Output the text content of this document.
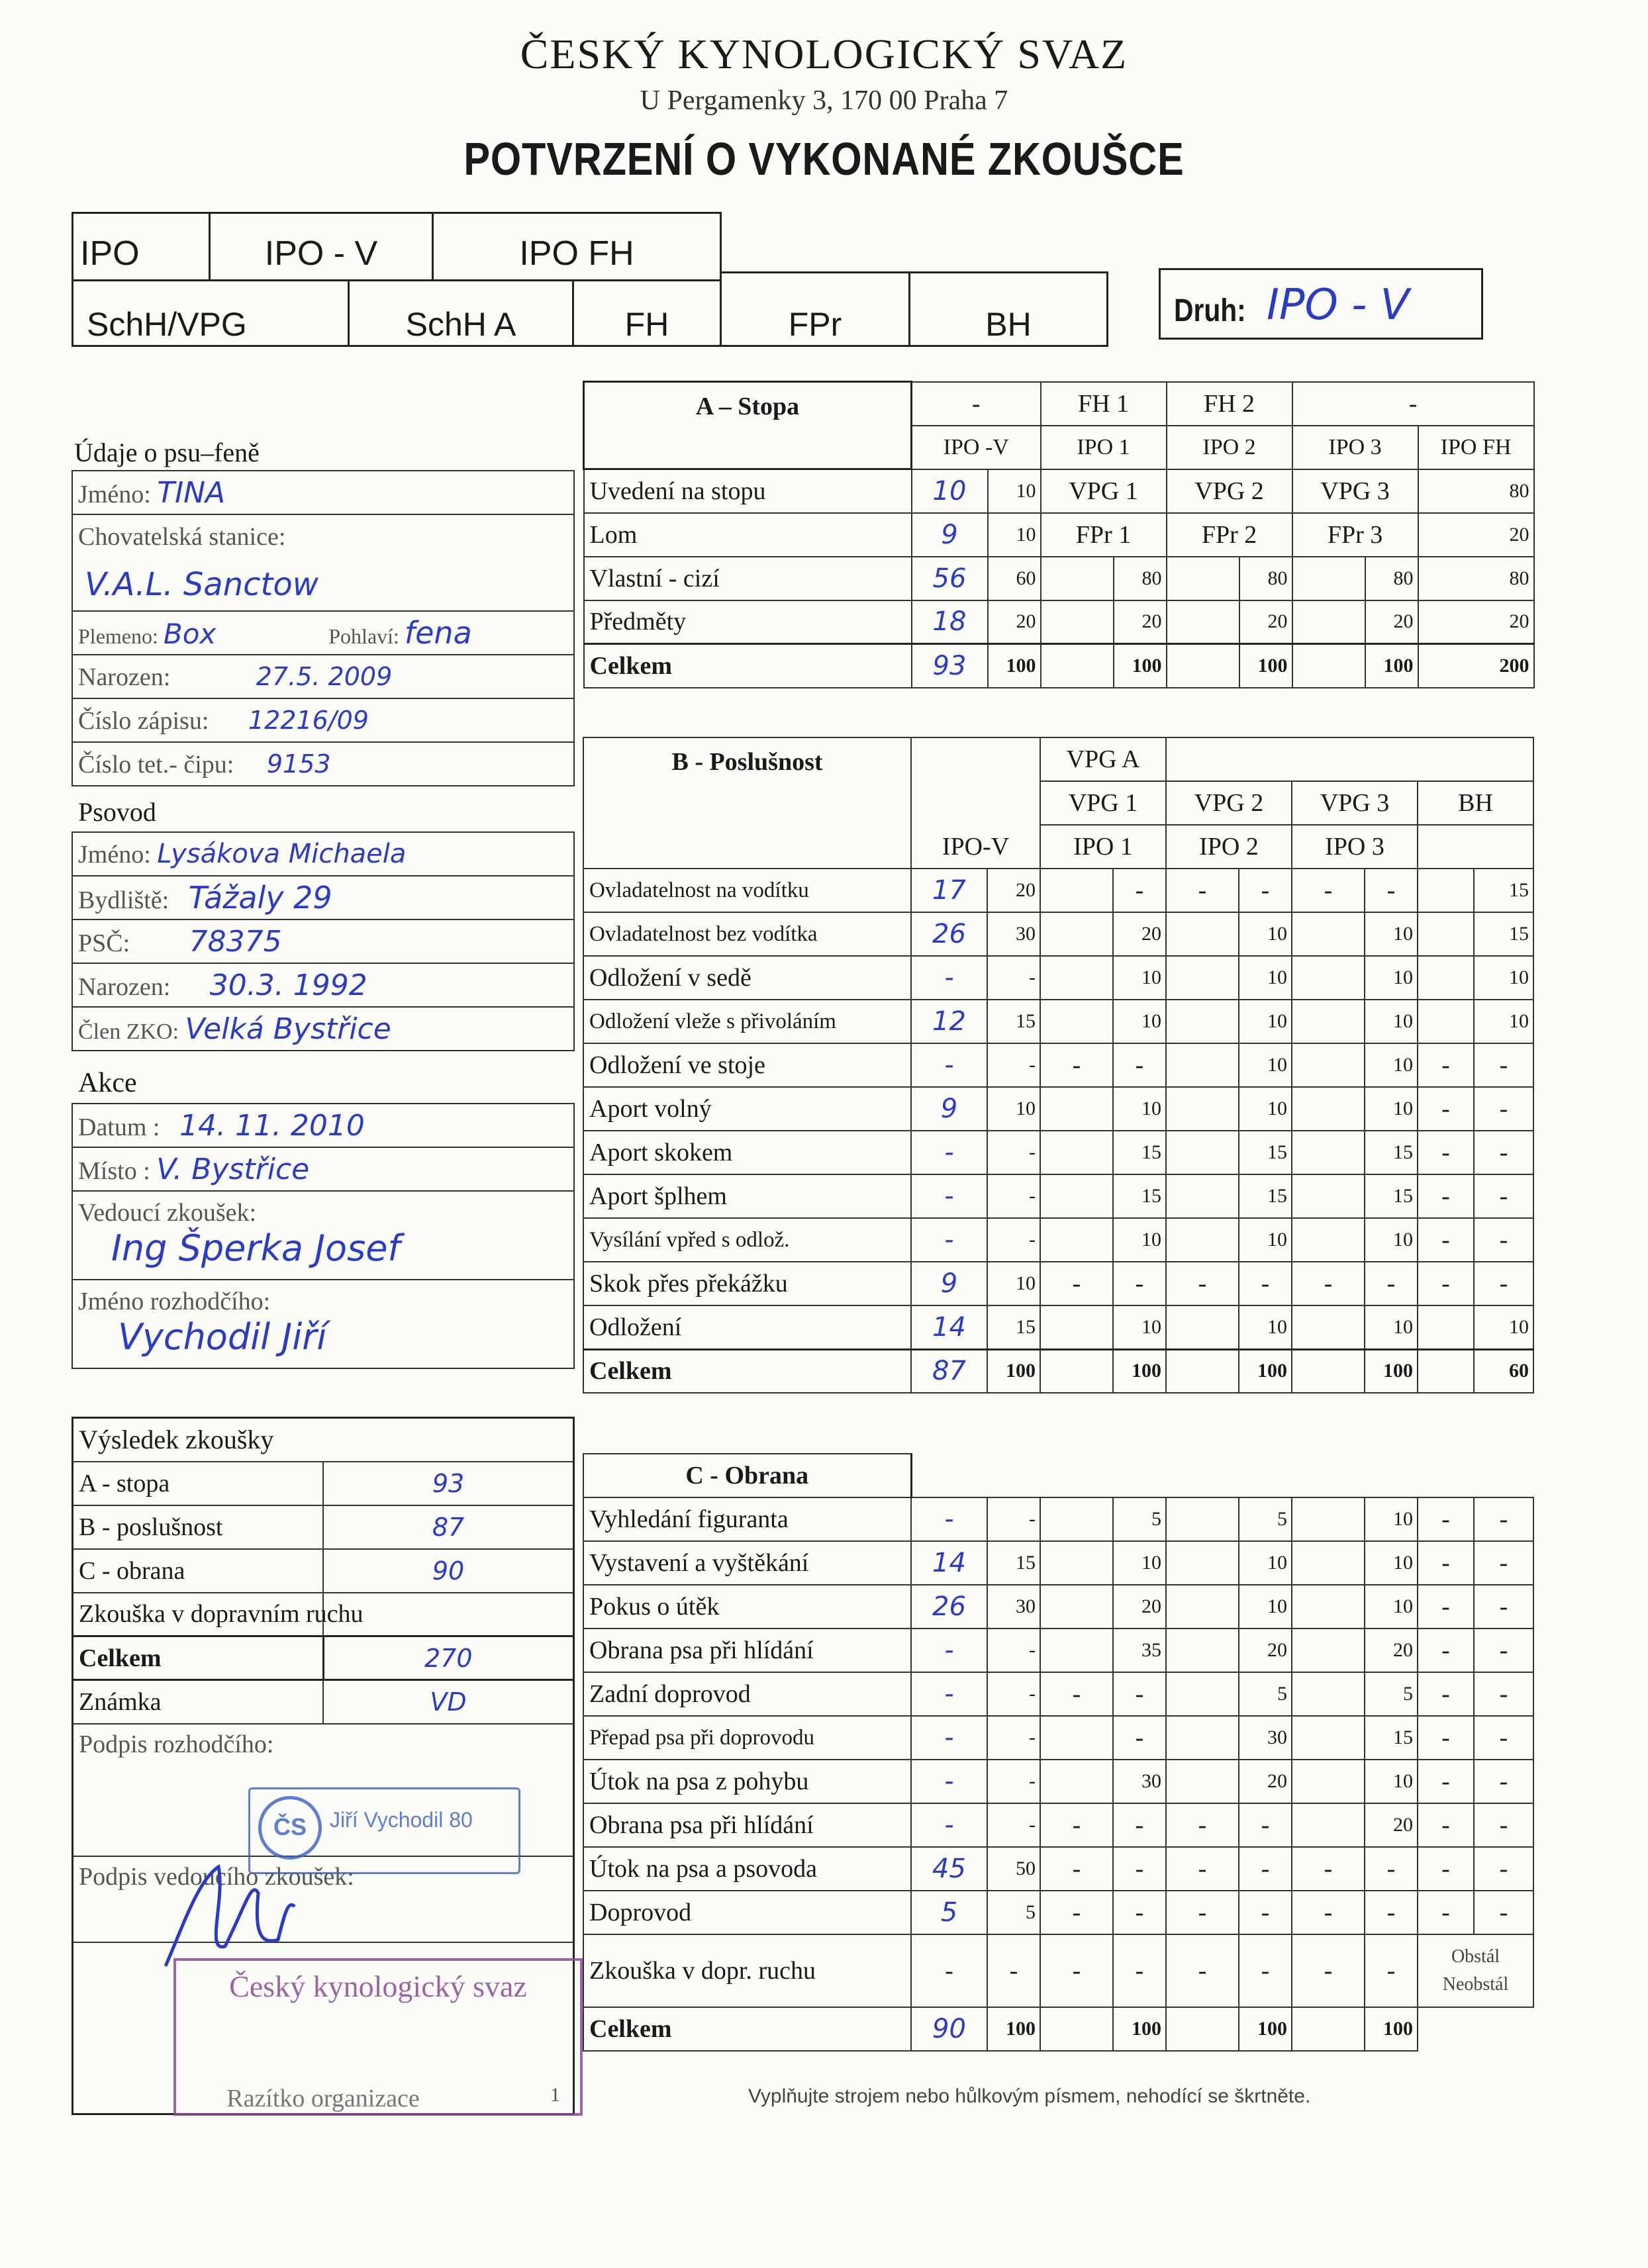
ČESKÝ KYNOLOGICKÝ SVAZ
U Pergamenky 3, 170 00 Praha 7
POTVRZENÍ O VYKONANÉ ZKOUŠCE
IPO	IPO - V	IPO FH
SchH/VPG	SchH A	FH	FPr	BH	Druh: IPO - V
Údaje o psu–feně
Jméno: TINA
Chovatelská stanice:
V.A.L. Sanctow
Plemeno: Box	Pohlaví: fena
Narozen:	27.5. 2009
Číslo zápisu: 12216/09
Číslo tet.- čipu: 9153
Psovod
Jméno: Lysákova Michaela
Bydliště: Tážaly 29
PSČ: 78375
Narozen: 30.3. 1992
Člen ZKO: Velká Bystřice
Akce
Datum : 14. 11. 2010
Místo : V. Bystřice
Vedoucí zkoušek:
Ing Šperka Josef
Jméno rozhodčího:
Vychodil Jiří
Výsledek zkoušky	
A - stopa	93
B - poslušnost	87
C - obrana	90
Zkouška v dopravním ruchu	
Celkem	270
Známka	VD
Podpis rozhodčího:	
Podpis vedoucího zkoušek:	
Razítko organizace	
ČS	Jiří Vychodil 80
Český kynologický svaz
1
A – Stopa	-		FH 1		FH 2		-		
	IPO -V		IPO 1		IPO 2		IPO 3		IPO FH
Uvedení na stopu	10	10	VPG 1		VPG 2		VPG 3		80
Lom	9	10	FPr 1		FPr 2		FPr 3		20
Vlastní - cizí	56	60		80		80		80	80
Předměty	18	20		20		20		20	20
Celkem	93	100		100		100		100	200
B - Poslušnost			VPG A							
			VPG 1		VPG 2		VPG 3		BH	
	IPO-V		IPO 1		IPO 2		IPO 3			
Ovladatelnost na vodítku	17	20		-	-	-	-	-		15
Ovladatelnost bez vodítka	26	30		20		10		10		15
Odložení v sedě	-	-		10		10		10		10
Odložení vleže s přivoláním	12	15		10		10		10		10
Odložení ve stoje	-	-	-	-		10		10	-	-
Aport volný	9	10		10		10		10	-	-
Aport skokem	-	-		15		15		15	-	-
Aport šplhem	-	-		15		15		15	-	-
Vysílání vpřed s odlož.	-	-		10		10		10	-	-
Skok přes překážku	9	10	-	-	-	-	-	-	-	-
Odložení	14	15		10		10		10		10
Celkem	87	100		100		100		100		60
C - Obrana										
Vyhledání figuranta	-	-		5		5		10	-	-
Vystavení a vyštěkání	14	15		10		10		10	-	-
Pokus o útěk	26	30		20		10		10	-	-
Obrana psa při hlídání	-	-		35		20		20	-	-
Zadní doprovod	-	-	-	-		5		5	-	-
Přepad psa při doprovodu	-	-		-		30		15	-	-
Útok na psa z pohybu	-	-		30		20		10	-	-
Obrana psa při hlídání	-	-	-	-	-	-		20	-	-
Útok na psa a psovoda	45	50	-	-	-	-	-	-	-	-
Doprovod	5	5	-	-	-	-	-	-	-	-
Zkouška v dopr. ruchu	-	-	-	-	-	-	-	-	Obstál Neobstál	
Celkem	90	100		100		100		100		
Vyplňujte strojem nebo hůlkovým písmem, nehodící se škrtněte.
